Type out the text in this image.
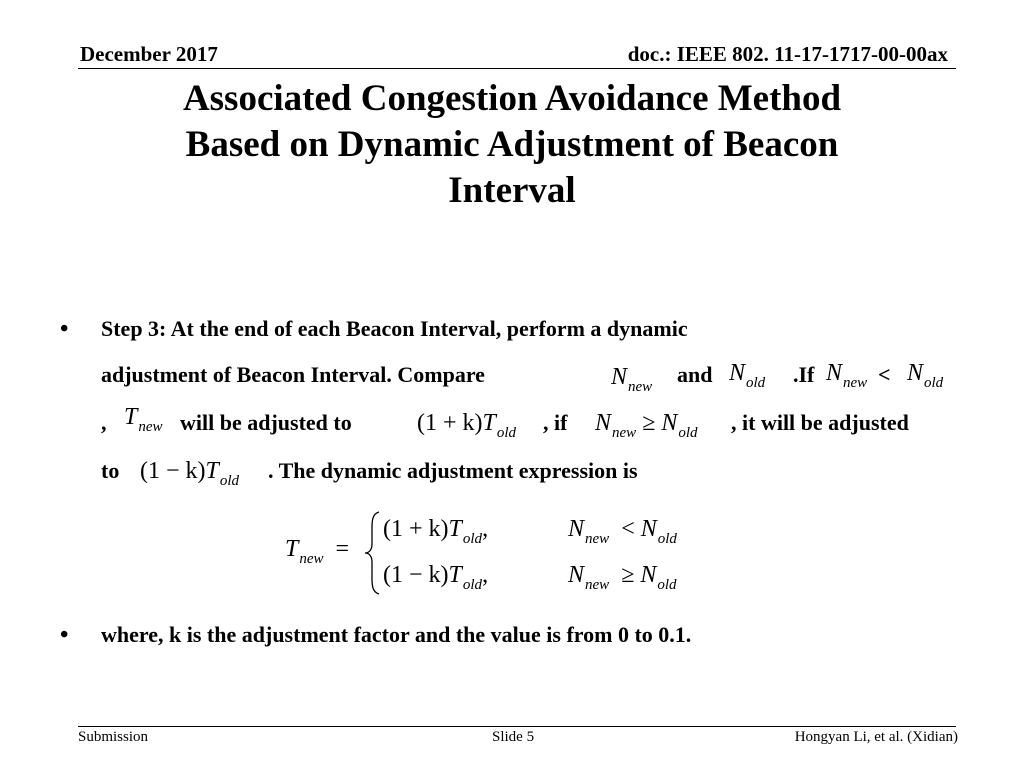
December 2017	doc.: IEEE 802. 11-17-1717-00-00ax
Associated Congestion Avoidance Method
Based on Dynamic Adjustment of Beacon
Interval
• Step 3: At the end of each Beacon Interval, perform a dynamic
adjustment of Beacon Interval. Compare	$N_{new}$ and $N_{old}$ .If $N_{new} < N_{old}$
, $T_{new}$ will be adjusted to	$(1 + k)T_{old}$ , if $N_{new} \ge N_{old}$ , it will be adjusted
to $(1 - k)T_{old}$ . The dynamic adjustment expression is
$T_{new}$ =
$(1 + k)T_{old}$,	$N_{new} < N_{old}$
$(1 - k)T_{old}$,	$N_{new} \ge N_{old}$
• where, k is the adjustment factor and the value is from 0 to 0.1.
Submission	Slide 5	Hongyan Li, et al. (Xidian)
